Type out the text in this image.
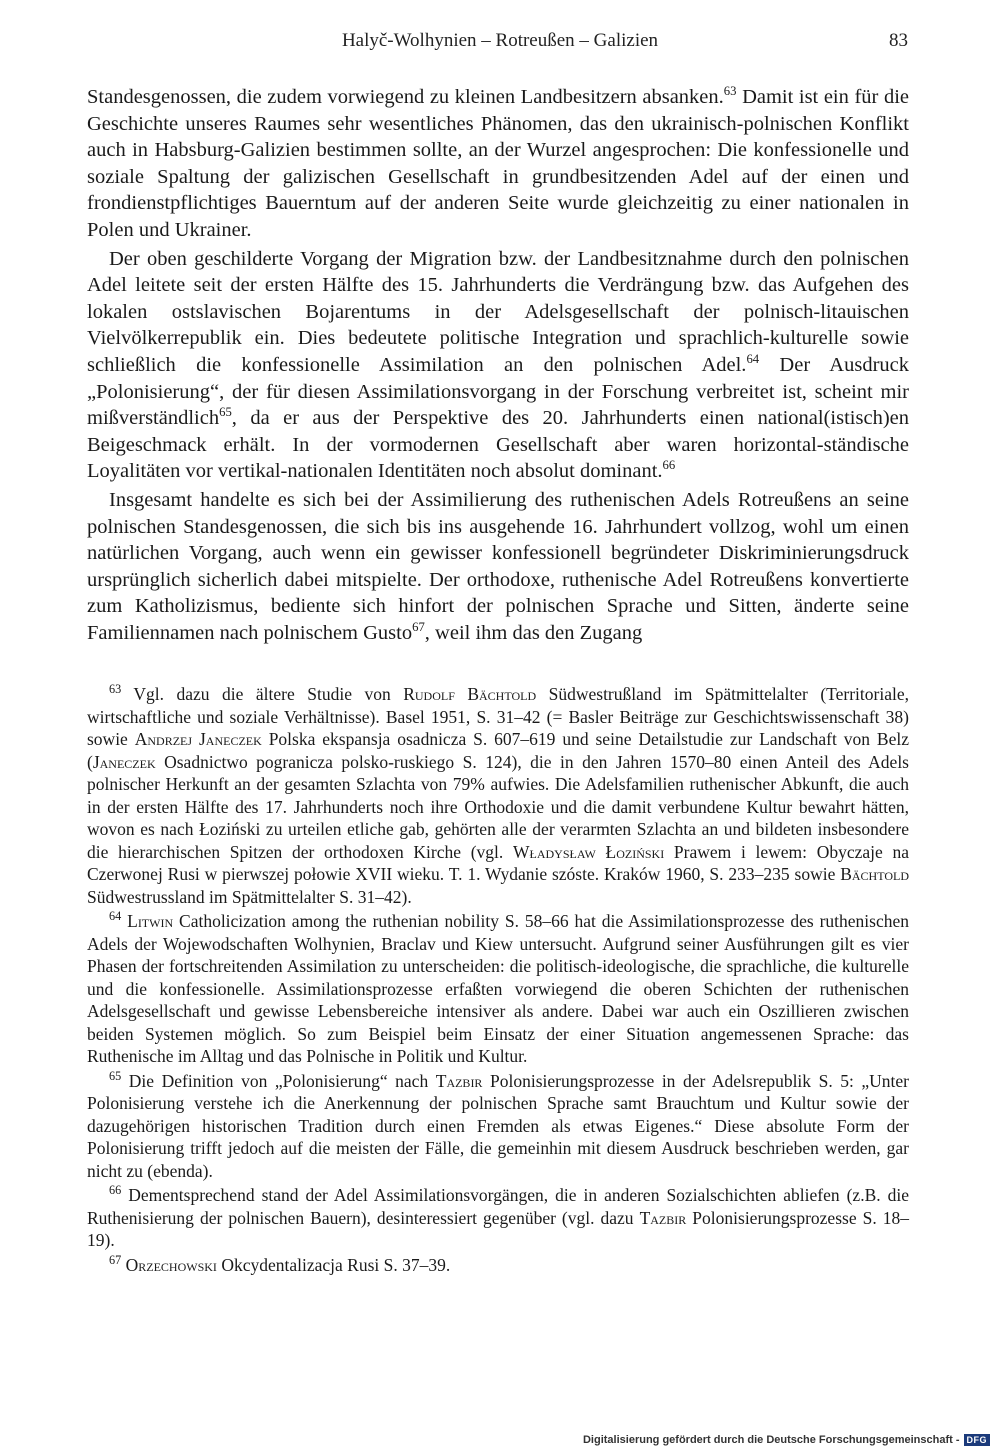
Halyč-Wolhynien – Rotreußen – Galizien	83

Standesgenossen, die zudem vorwiegend zu kleinen Landbesitzern absanken.$^{63}$ Damit ist ein für die Geschichte unseres Raumes sehr wesentliches Phänomen, das den ukrainisch-polnischen Konflikt auch in Habsburg-Galizien bestimmen sollte, an der Wurzel angesprochen: Die konfessionelle und soziale Spaltung der galizischen Gesellschaft in grundbesitzenden Adel auf der einen und frondienstpflichtiges Bauerntum auf der anderen Seite wurde gleichzeitig zu einer nationalen in Polen und Ukrainer.

Der oben geschilderte Vorgang der Migration bzw. der Landbesitznahme durch den polnischen Adel leitete seit der ersten Hälfte des 15. Jahrhunderts die Verdrängung bzw. das Aufgehen des lokalen ostslavischen Bojarentums in der Adelsgesellschaft der polnisch-litauischen Vielvölkerrepublik ein. Dies bedeutete politische Integration und sprachlich-kulturelle sowie schließlich die konfessionelle Assimilation an den polnischen Adel.$^{64}$ Der Ausdruck „Polonisierung“, der für diesen Assimilationsvorgang in der Forschung verbreitet ist, scheint mir mißverständlich$^{65}$, da er aus der Perspektive des 20. Jahrhunderts einen national(istisch)en Beigeschmack erhält. In der vormodernen Gesellschaft aber waren horizontal-ständische Loyalitäten vor vertikal-nationalen Identitäten noch absolut dominant.$^{66}$

Insgesamt handelte es sich bei der Assimilierung des ruthenischen Adels Rotreußens an seine polnischen Standesgenossen, die sich bis ins ausgehende 16. Jahrhundert vollzog, wohl um einen natürlichen Vorgang, auch wenn ein gewisser konfessionell begründeter Diskriminierungsdruck ursprünglich sicherlich dabei mitspielte. Der orthodoxe, ruthenische Adel Rotreußens konvertierte zum Katholizismus, bediente sich hinfort der polnischen Sprache und Sitten, änderte seine Familiennamen nach polnischem Gusto$^{67}$, weil ihm das den Zugang

$^{63}$ Vgl. dazu die ältere Studie von Rudolf Bächtold Südwestrußland im Spätmittelalter (Territoriale, wirtschaftliche und soziale Verhältnisse). Basel 1951, S. 31–42 (= Basler Beiträge zur Geschichtswissenschaft 38) sowie Andrzej Janeczek Polska ekspansja osadnicza S. 607–619 und seine Detailstudie zur Landschaft von Belz (Janeczek Osadnictwo pogranicza polsko-ruskiego S. 124), die in den Jahren 1570–80 einen Anteil des Adels polnischer Herkunft an der gesamten Szlachta von 79% aufwies. Die Adelsfamilien ruthenischer Abkunft, die auch in der ersten Hälfte des 17. Jahrhunderts noch ihre Orthodoxie und die damit verbundene Kultur bewahrt hätten, wovon es nach Łoziński zu urteilen etliche gab, gehörten alle der verarmten Szlachta an und bildeten insbesondere die hierarchischen Spitzen der orthodoxen Kirche (vgl. Władysław Łoziński Prawem i lewem: Obyczaje na Czerwonej Rusi w pierwszej połowie XVII wieku. T. 1. Wydanie szóste. Kraków 1960, S. 233–235 sowie Bächtold Südwestrussland im Spätmittelalter S. 31–42).

$^{64}$ Litwin Catholicization among the ruthenian nobility S. 58–66 hat die Assimilationsprozesse des ruthenischen Adels der Wojewodschaften Wolhynien, Braclav und Kiew untersucht. Aufgrund seiner Ausführungen gilt es vier Phasen der fortschreitenden Assimilation zu unterscheiden: die politisch-ideologische, die sprachliche, die kulturelle und die konfessionelle. Assimilationsprozesse erfaßten vorwiegend die oberen Schichten der ruthenischen Adelsgesellschaft und gewisse Lebensbereiche intensiver als andere. Dabei war auch ein Oszillieren zwischen beiden Systemen möglich. So zum Beispiel beim Einsatz der einer Situation angemessenen Sprache: das Ruthenische im Alltag und das Polnische in Politik und Kultur.

$^{65}$ Die Definition von „Polonisierung“ nach Tazbir Polonisierungsprozesse in der Adelsrepublik S. 5: „Unter Polonisierung verstehe ich die Anerkennung der polnischen Sprache samt Brauchtum und Kultur sowie der dazugehörigen historischen Tradition durch einen Fremden als etwas Eigenes.“ Diese absolute Form der Polonisierung trifft jedoch auf die meisten der Fälle, die gemeinhin mit diesem Ausdruck beschrieben werden, gar nicht zu (ebenda).

$^{66}$ Dementsprechend stand der Adel Assimilationsvorgängen, die in anderen Sozialschichten abliefen (z.B. die Ruthenisierung der polnischen Bauern), desinteressiert gegenüber (vgl. dazu Tazbir Polonisierungsprozesse S. 18–19).

$^{67}$ Orzechowski Okcydentalizacja Rusi S. 37–39.

Digitalisierung gefördert durch die Deutsche Forschungsgemeinschaft - DFG
